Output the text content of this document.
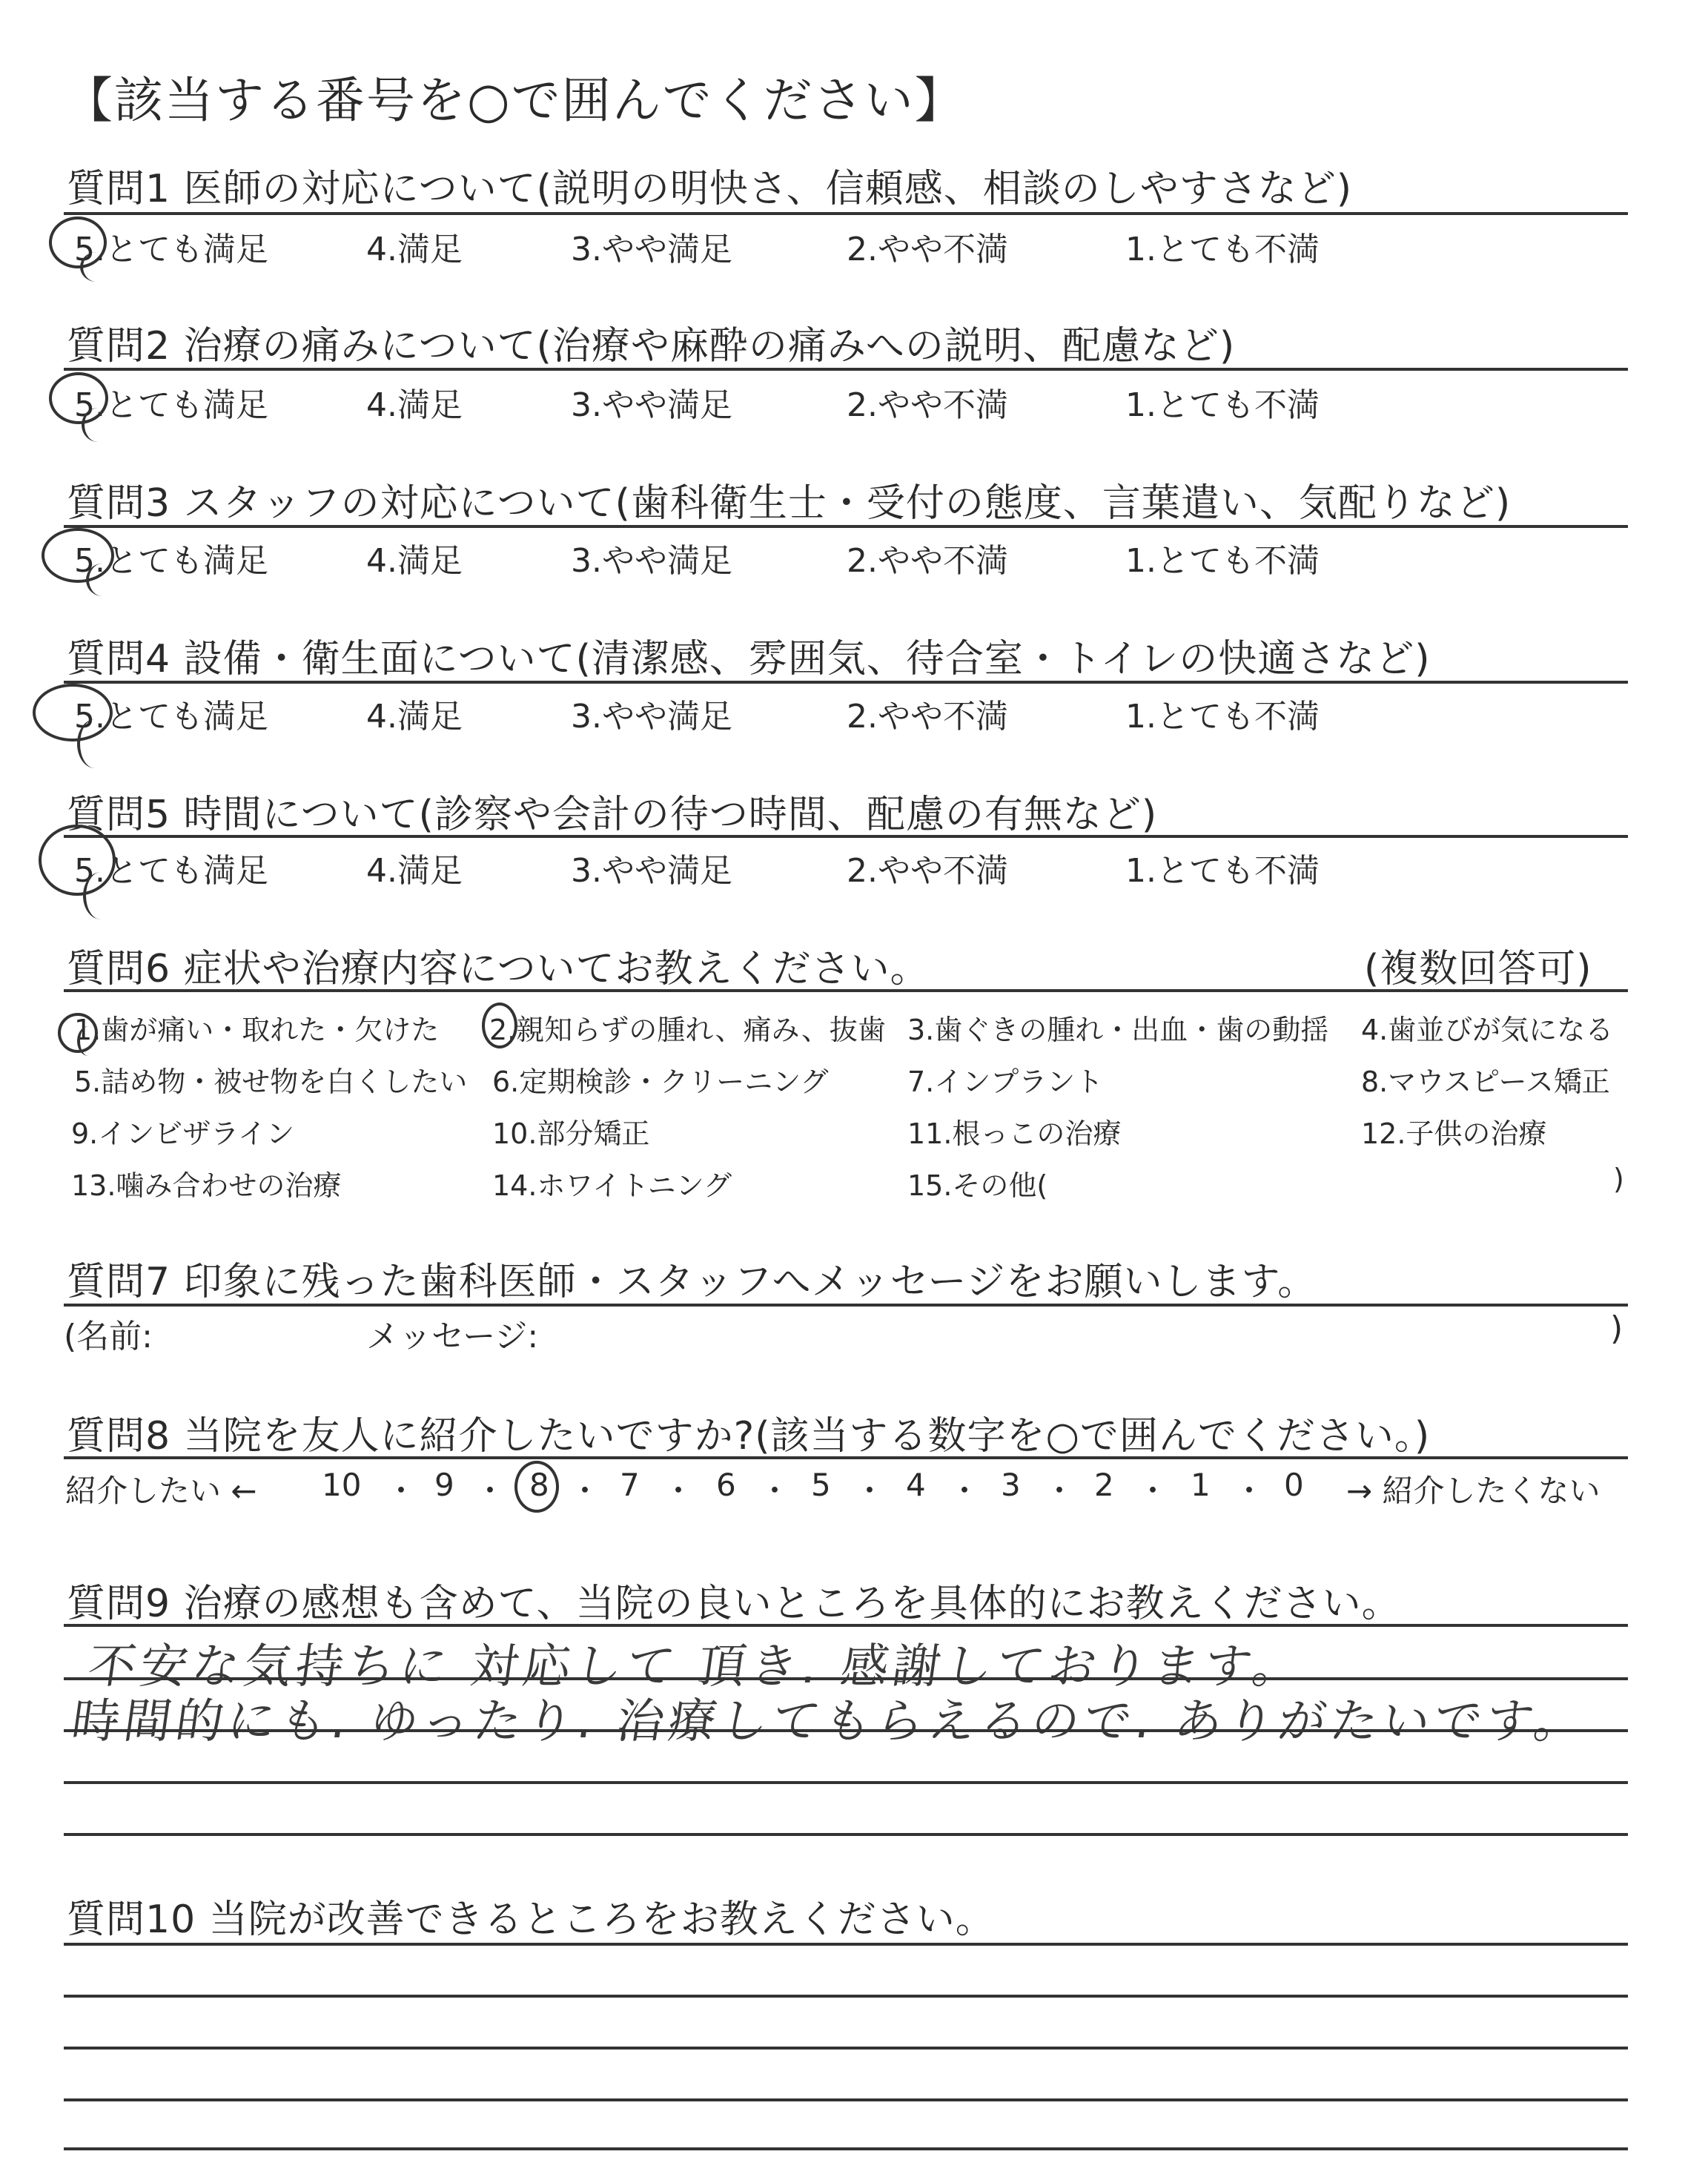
【該当する番号を○で囲んでください】
質問1 医師の対応について(説明の明快さ、信頼感、相談のしやすさなど)
5.とても満足	4.満足	3.やや満足	2.やや不満	1.とても不満
質問2 治療の痛みについて(治療や麻酔の痛みへの説明、配慮など)
5.とても満足	4.満足	3.やや満足	2.やや不満	1.とても不満
質問3 スタッフの対応について(歯科衛生士・受付の態度、言葉遣い、気配りなど)
5.とても満足	4.満足	3.やや満足	2.やや不満	1.とても不満
質問4 設備・衛生面について(清潔感、雰囲気、待合室・トイレの快適さなど)
5.とても満足	4.満足	3.やや満足	2.やや不満	1.とても不満
質問5 時間について(診察や会計の待つ時間、配慮の有無など)
5.とても満足	4.満足	3.やや満足	2.やや不満	1.とても不満
質問6 症状や治療内容についてお教えください。	(複数回答可)
1.歯が痛い・取れた・欠けた 2.親知らずの腫れ、痛み、抜歯 3.歯ぐきの腫れ・出血・歯の動揺 4.歯並びが気になる
5.詰め物・被せ物を白くしたい 6.定期検診・クリーニング	7.インプラント	8.マウスピース矯正
9.インビザライン	10.部分矯正	11.根っこの治療	12.子供の治療
13.噛み合わせの治療	14.ホワイトニング	15.その他(	)
質問7 印象に残った歯科医師・スタッフへメッセージをお願いします。
(名前:	メッセージ:	)
質問8 当院を友人に紹介したいですか?(該当する数字を○で囲んでください。)
紹介したい ← 10 ・ 9 ・ 8 ・ 7 ・ 6 ・ 5 ・ 4 ・ 3 ・ 2 ・ 1 ・ 0 → 紹介したくない
質問9 治療の感想も含めて、当院の良いところを具体的にお教えください。
不安な気持ちに 対応して 頂き. 感謝しております。
時間的にも. ゆったり. 治療してもらえるので. ありがたいです。
質問10 当院が改善できるところをお教えください。
